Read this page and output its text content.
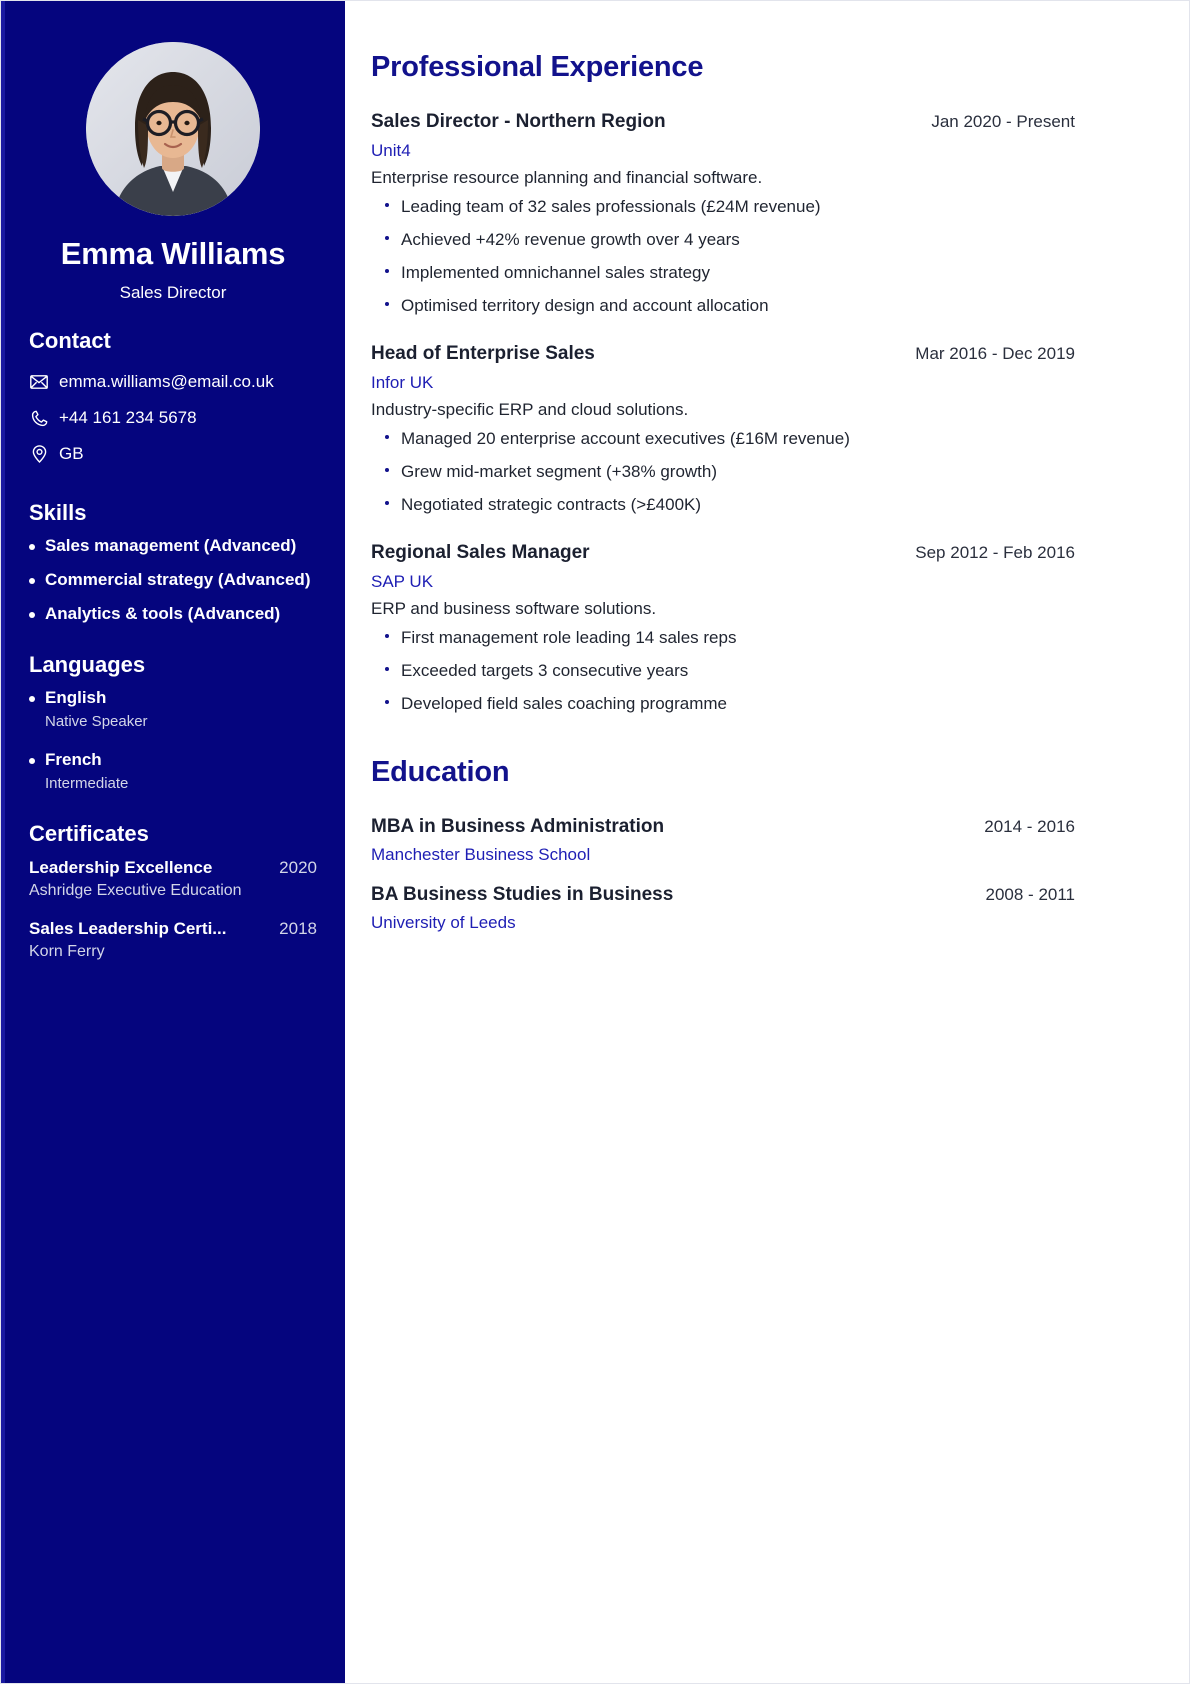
Emma Williams
Sales Director
Contact
emma.williams@email.co.uk
+44 161 234 5678
GB
Skills
Sales management (Advanced)
Commercial strategy (Advanced)
Analytics & tools (Advanced)
Languages
English
Native Speaker
French
Intermediate
Certificates
Leadership Excellence	2020
Ashridge Executive Education
Sales Leadership Certi...	2018
Korn Ferry
Professional Experience
Sales Director - Northern Region	Jan 2020 - Present
Unit4
Enterprise resource planning and financial software.
Leading team of 32 sales professionals (£24M revenue)
Achieved +42% revenue growth over 4 years
Implemented omnichannel sales strategy
Optimised territory design and account allocation
Head of Enterprise Sales	Mar 2016 - Dec 2019
Infor UK
Industry-specific ERP and cloud solutions.
Managed 20 enterprise account executives (£16M revenue)
Grew mid-market segment (+38% growth)
Negotiated strategic contracts (>£400K)
Regional Sales Manager	Sep 2012 - Feb 2016
SAP UK
ERP and business software solutions.
First management role leading 14 sales reps
Exceeded targets 3 consecutive years
Developed field sales coaching programme
Education
MBA in Business Administration	2014 - 2016
Manchester Business School
BA Business Studies in Business	2008 - 2011
University of Leeds
